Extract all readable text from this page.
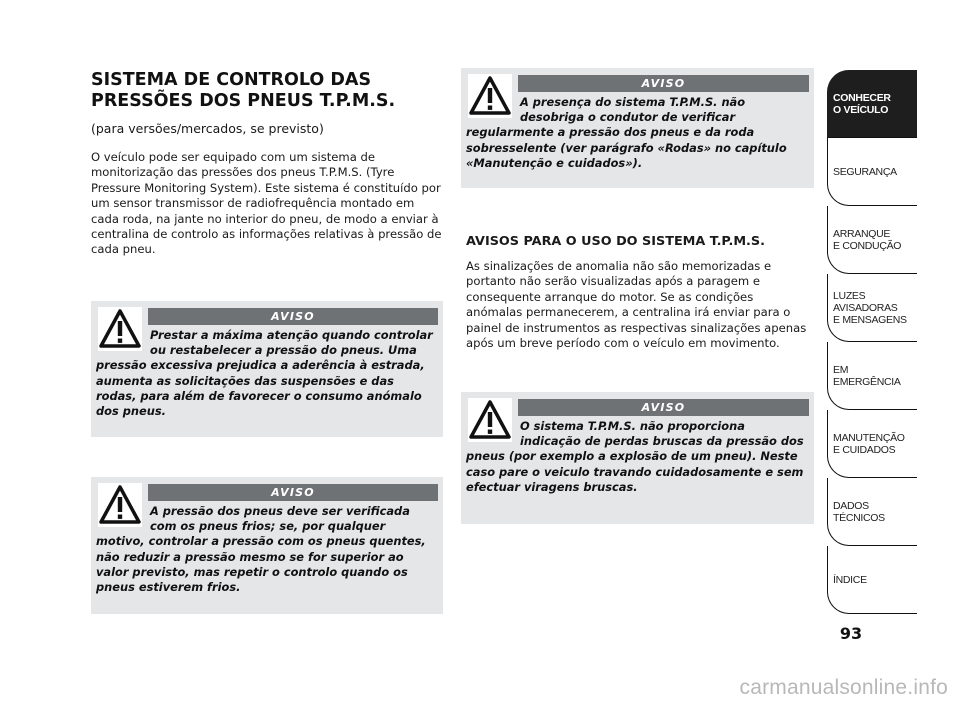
SISTEMA DE CONTROLO DAS PRESSÕES DOS PNEUS T.P.M.S.
(para versões/mercados, se previsto)

O veículo pode ser equipado com um sistema de monitorização das pressões dos pneus T.P.M.S. (Tyre Pressure Monitoring System). Este sistema é constituído por um sensor transmissor de radiofrequência montado em cada roda, na jante no interior do pneu, de modo a enviar à centralina de controlo as informações relativas à pressão de cada pneu.

AVISOS PARA O USO DO SISTEMA T.P.M.S.

As sinalizações de anomalia não são memorizadas e portanto não serão visualizadas após a paragem e consequente arranque do motor. Se as condições anómalas permanecerem, a centralina irá enviar para o painel de instrumentos as respectivas sinalizações apenas após um breve período com o veículo em movimento.

AVISO
Prestar a máxima atenção quando controlar ou restabelecer a pressão do pneus. Uma pressão excessiva prejudica a aderência à estrada, aumenta as solicitações das suspensões e das rodas, para além de favorecer o consumo anómalo dos pneus.
AVISO
A pressão dos pneus deve ser verificada com os pneus frios; se, por qualquer motivo, controlar a pressão com os pneus quentes, não reduzir a pressão mesmo se for superior ao valor previsto, mas repetir o controlo quando os pneus estiverem frios.
AVISO
A presença do sistema T.P.M.S. não desobriga o condutor de verificar regularmente a pressão dos pneus e da roda sobresselente (ver parágrafo «Rodas» no capítulo «Manutenção e cuidados»).
AVISO
O sistema T.P.M.S. não proporciona indicação de perdas bruscas da pressão dos pneus (por exemplo a explosão de um pneu). Neste caso pare o veiculo travando cuidadosamente e sem efectuar viragens bruscas.
CONHECER
O VEÍCULO
SEGURANÇA
ARRANQUE
E CONDUÇÃO
LUZES
AVISADORAS
E MENSAGENS
EM EMERGÊNCIA
MANUTENÇÃO
E CUIDADOS
DADOS
TÉCNICOS
ÍNDICE
93
carmanualsonline.info
